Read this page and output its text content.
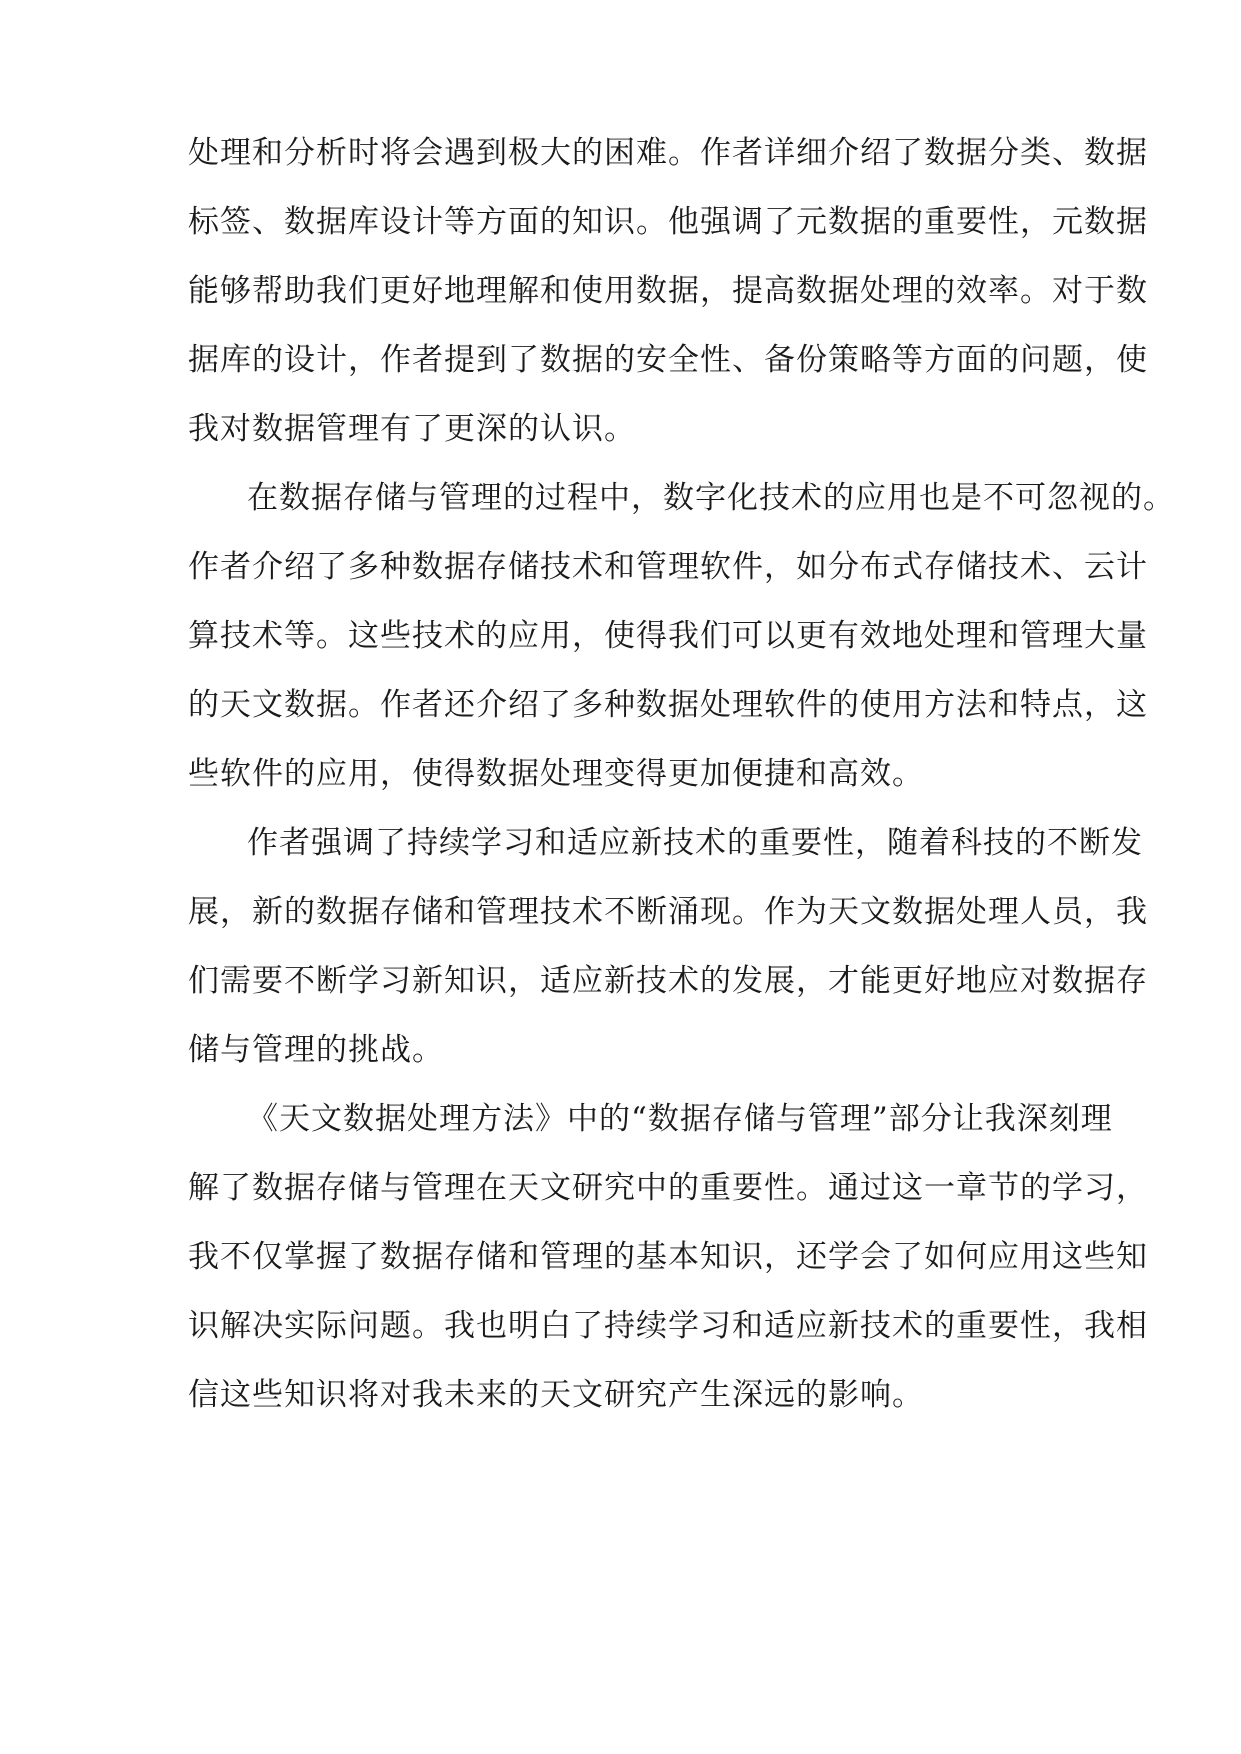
处理和分析时将会遇到极大的困难。作者详细介绍了数据分类、数据
标签、数据库设计等方面的知识。他强调了元数据的重要性，元数据
能够帮助我们更好地理解和使用数据，提高数据处理的效率。对于数
据库的设计，作者提到了数据的安全性、备份策略等方面的问题，使
我对数据管理有了更深的认识。
在数据存储与管理的过程中，数字化技术的应用也是不可忽视的。
作者介绍了多种数据存储技术和管理软件，如分布式存储技术、云计
算技术等。这些技术的应用，使得我们可以更有效地处理和管理大量
的天文数据。作者还介绍了多种数据处理软件的使用方法和特点，这
些软件的应用，使得数据处理变得更加便捷和高效。
作者强调了持续学习和适应新技术的重要性，随着科技的不断发
展，新的数据存储和管理技术不断涌现。作为天文数据处理人员，我
们需要不断学习新知识，适应新技术的发展，才能更好地应对数据存
储与管理的挑战。
《天文数据处理方法》中的“数据存储与管理”部分让我深刻理
解了数据存储与管理在天文研究中的重要性。通过这一章节的学习，
我不仅掌握了数据存储和管理的基本知识，还学会了如何应用这些知
识解决实际问题。我也明白了持续学习和适应新技术的重要性，我相
信这些知识将对我未来的天文研究产生深远的影响。
